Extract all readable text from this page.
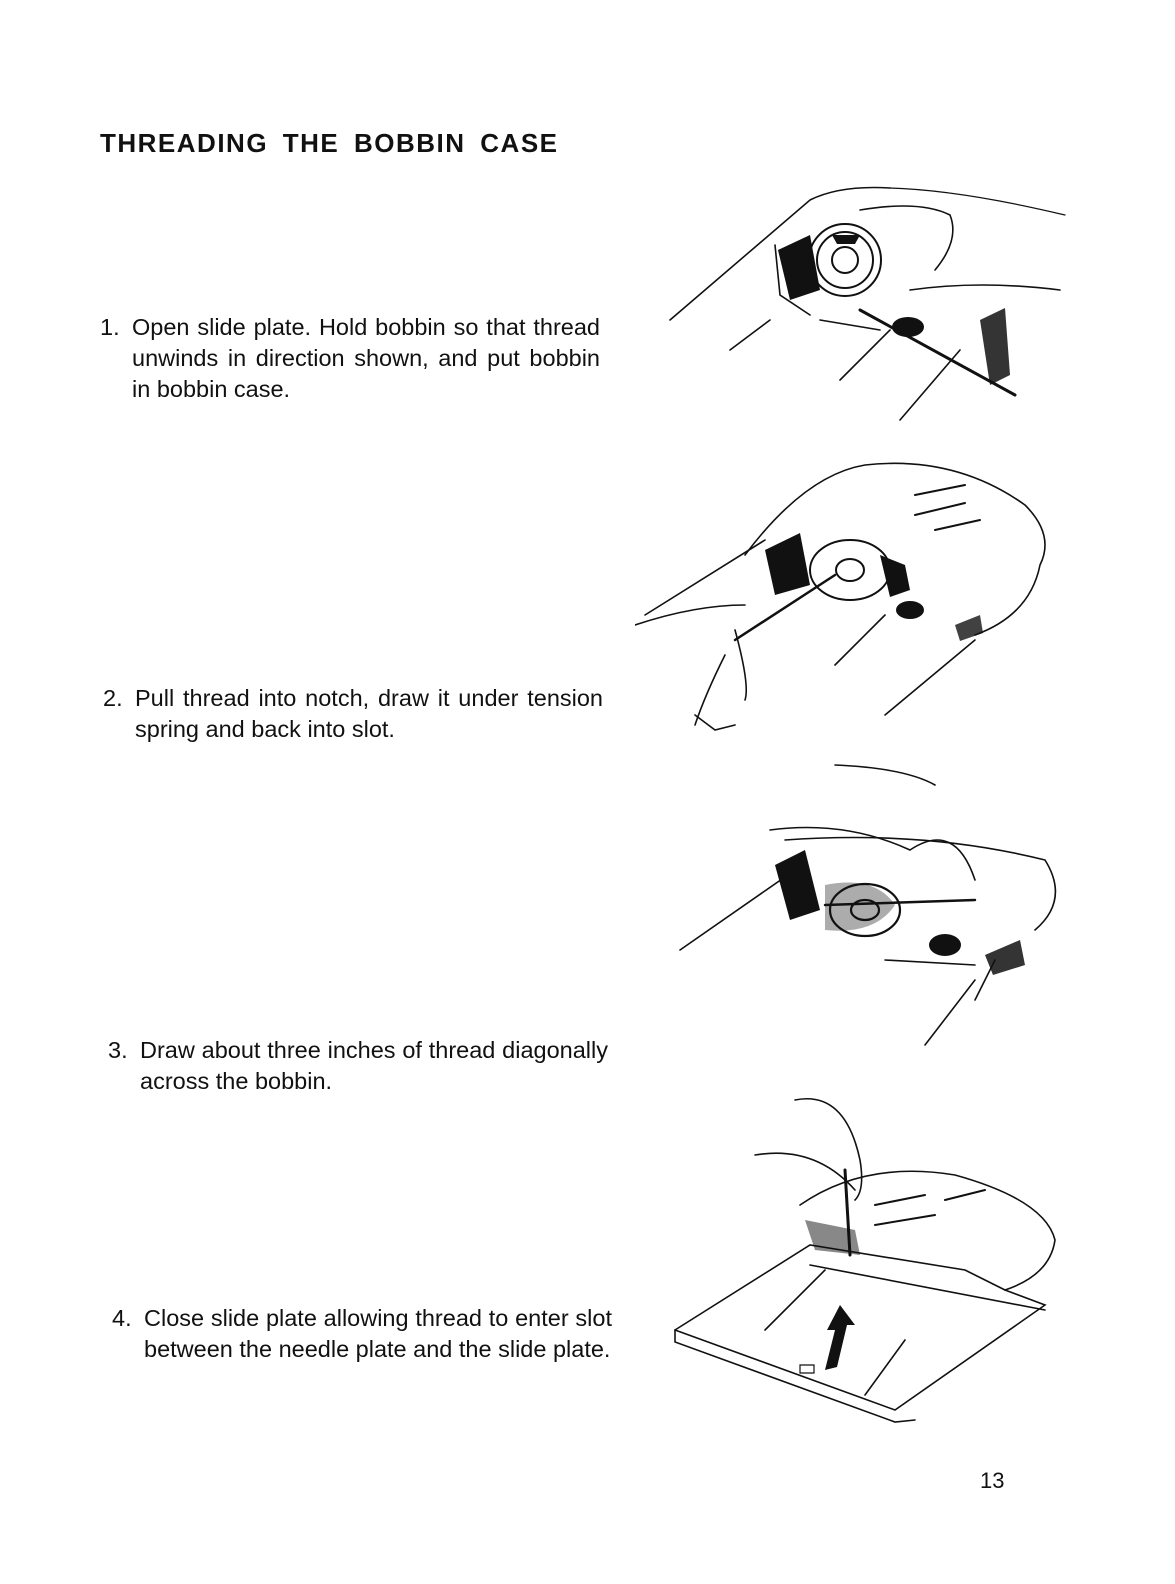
THREADING THE BOBBIN CASE
1. Open slide plate. Hold bobbin so that thread unwinds in direction shown, and put bobbin in bobbin case.
2. Pull thread into notch, draw it under tension spring and back into slot.
3. Draw about three inches of thread diagonally across the bobbin.
4. Close slide plate allowing thread to enter slot between the needle plate and the slide plate.
13
